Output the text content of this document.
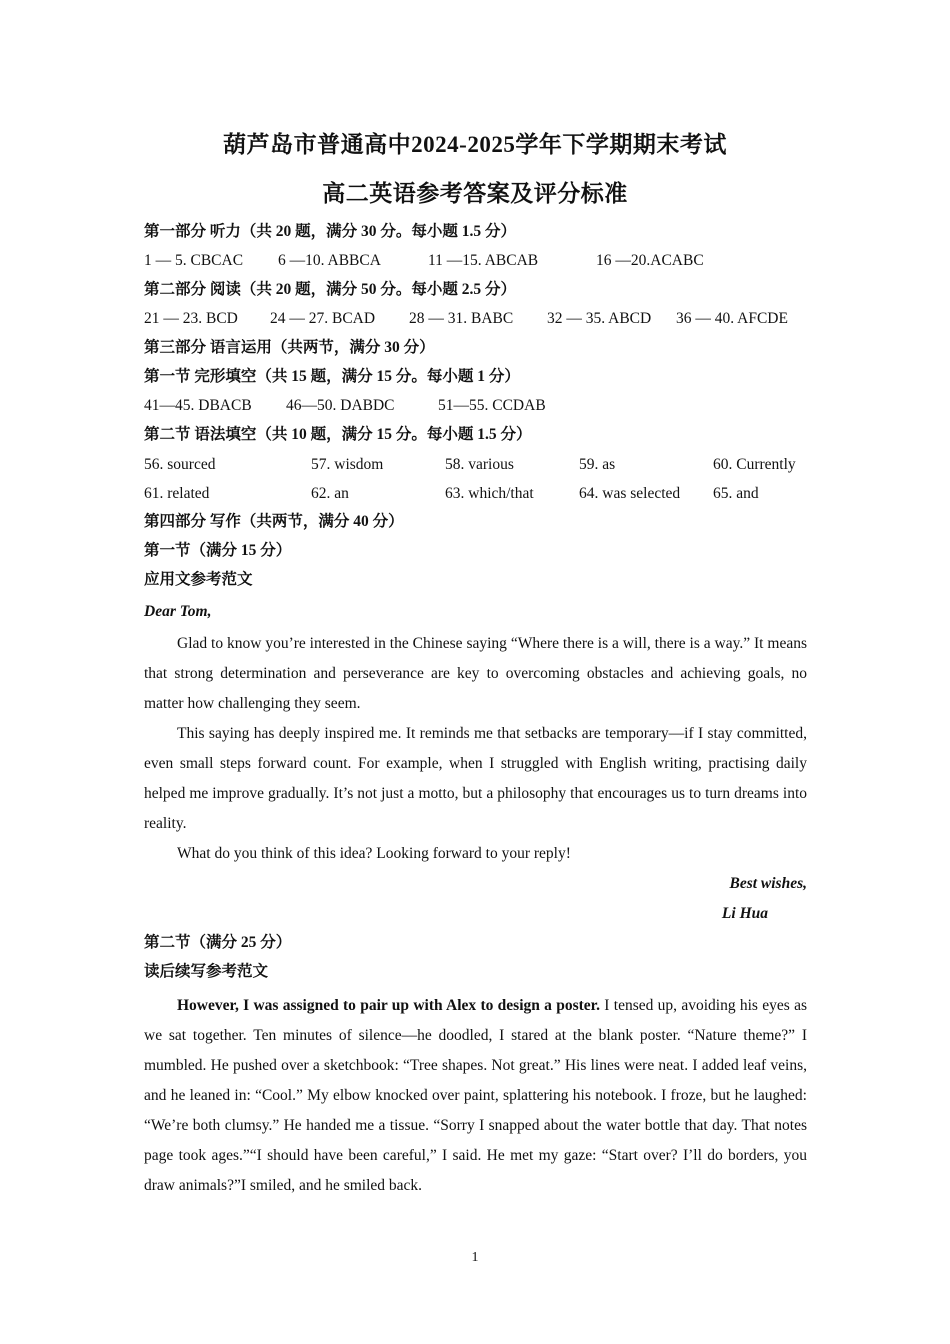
葫芦岛市普通高中2024-2025学年下学期期末考试
高二英语参考答案及评分标准
第一部分 听力（共 20 题，满分 30 分。每小题 1.5 分）
1 — 5. CBCAC 6 —10. ABBCA	11 —15. ABCAB	16 —20.ACABC
第二部分 阅读（共 20 题，满分 50 分。每小题 2.5 分）
21 — 23. BCD 24 — 27. BCAD 28 — 31. BABC 32 — 35. ABCD 36 — 40. AFCDE
第三部分 语言运用（共两节，满分 30 分）
第一节 完形填空（共 15 题，满分 15 分。每小题 1 分）
41—45. DBACB 46—50. DABDC	51—55. CCDAB
第二节 语法填空（共 10 题，满分 15 分。每小题 1.5 分）
56. sourced	57. wisdom	58. various	59. as	60. Currently
61. related	62. an	63. which/that	64. was selected 65. and
第四部分 写作（共两节，满分 40 分）
第一节（满分 15 分）
应用文参考范文
Dear Tom,

Glad to know you’re interested in the Chinese saying “Where there is a will, there is a way.” It means that strong determination and perseverance are key to overcoming obstacles and achieving goals, no matter how challenging they seem.

This saying has deeply inspired me. It reminds me that setbacks are temporary—if I stay committed, even small steps forward count. For example, when I struggled with English writing, practising daily helped me improve gradually. It’s not just a motto, but a philosophy that encourages us to turn dreams into reality.

What do you think of this idea? Looking forward to your reply!

Best wishes,
Li Hua
第二节（满分 25 分）
读后续写参考范文

However, I was assigned to pair up with Alex to design a poster. I tensed up, avoiding his eyes as we sat together. Ten minutes of silence—he doodled, I stared at the blank poster. “Nature theme?” I mumbled. He pushed over a sketchbook: “Tree shapes. Not great.” His lines were neat. I added leaf veins, and he leaned in: “Cool.” My elbow knocked over paint, splattering his notebook. I froze, but he laughed: “We’re both clumsy.” He handed me a tissue. “Sorry I snapped about the water bottle that day. That notes page took ages.”“I should have been careful,” I said. He met my gaze: “Start over? I’ll do borders, you draw animals?”I smiled, and he smiled back.

1
